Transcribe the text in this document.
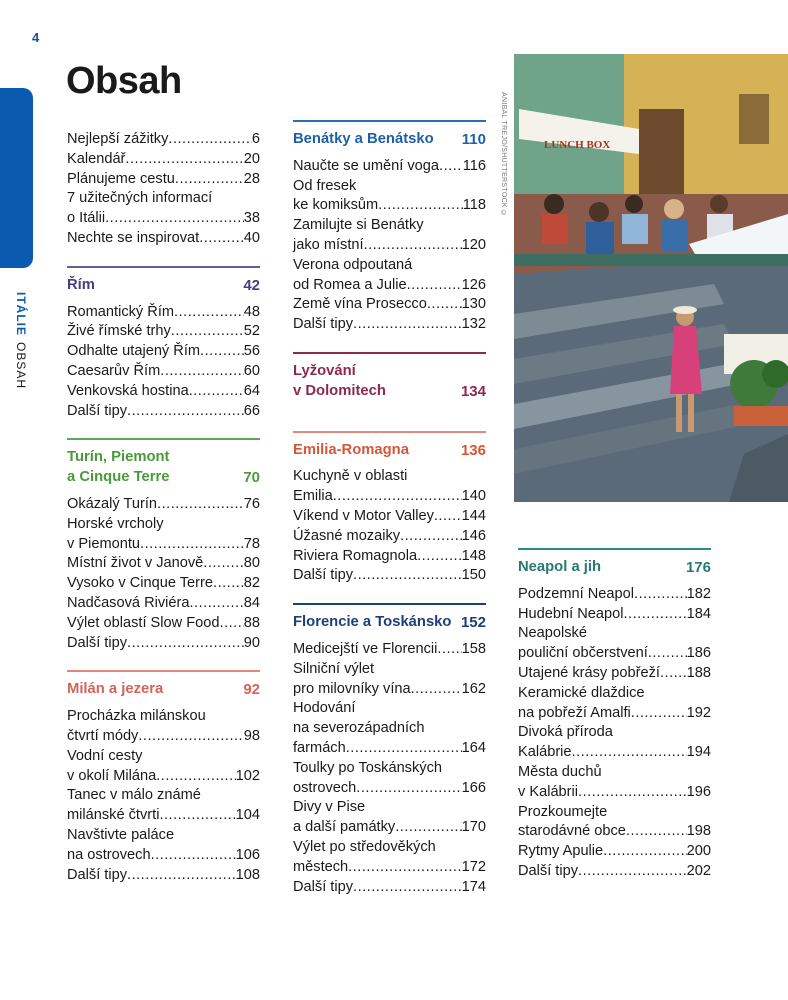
4
ITÁLIEOBSAH
Obsah
Nejlepší zážitky .....	6
Kalendář .....	20
Plánujeme cestu .....	28
7 užitečných informací
o Itálii .....	38
Nechte se inspirovat .....	40
Řím	42
Romantický Řím .....	48
Živé římské trhy .....	52
Odhalte utajený Řím .....	56
Caesarův Řím .....	60
Venkovská hostina .....	64
Další tipy .....	66
Turín, Piemont
a Cinque Terre	70
Okázalý Turín .....	76
Horské vrcholy
v Piemontu .....	78
Místní život v Janově .....	80
Vysoko v Cinque Terre ..... 82
Nadčasová Riviéra .....	84
Výlet oblastí Slow Food ..... 88
Další tipy .....	90
Milán a jezera	92
Procházka milánskou
čtvrtí módy .....	98
Vodní cesty
v okolí Milána .....	102
Tanec v málo známé
milánské čtvrti .....	104
Navštivte paláce
na ostrovech .....	106
Další tipy .....	108
Benátky a Benátsko 110
Naučte se umění voga ..... 116
Od fresek
ke komiksům .....	118
Zamilujte si Benátky
jako místní .....	120
Verona odpoutaná
od Romea a Julie .....	126
Země vína Prosecco ..... 130
Další tipy .....	132
Lyžování
v Dolomitech	134
Emilia-Romagna	136
Kuchyně v oblasti
Emilia .....	140
Víkend v Motor Valley ..... 144
Úžasné mozaiky .....	146
Riviera Romagnola .....	148
Další tipy .....	150
Florencie a Toskánsko 152
Medicejští ve Florencii ..... 158
Silniční výlet
pro milovníky vína .....	162
Hodování
na severozápadních
farmách .....	164
Toulky po Toskánských
ostrovech .....	166
Divy v Pise
a další památky .....	170
Výlet po středověkých
městech .....	172
Další tipy .....	174
ANIBAL TREJO/SHUTTERSTOCK ©	LUNCH BOX
Neapol a jih	176
Podzemní Neapol .....	182
Hudební Neapol .....	184
Neapolské
pouliční občerstvení .....	186
Utajené krásy pobřeží ..... 188
Keramické dlaždice
na pobřeží Amalfi .....	192
Divoká příroda
Kalábrie .....	194
Města duchů
v Kalábrii .....	196
Prozkoumejte
starodávné obce .....	198
Rytmy Apulie .....	200
Další tipy .....	202
